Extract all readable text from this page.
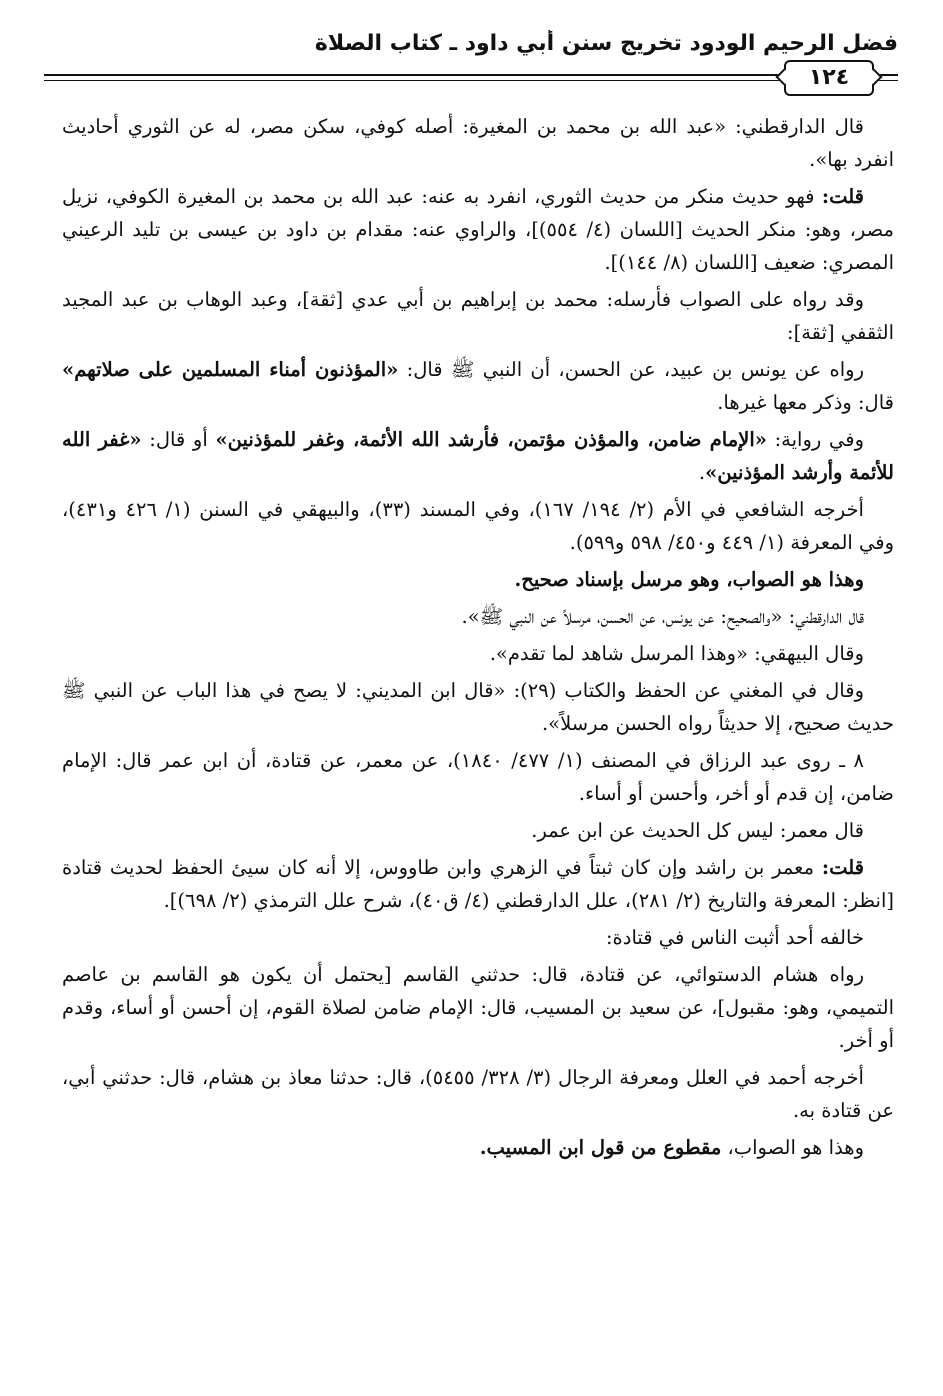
فضل الرحيم الودود تخريج سنن أبي داود ـ كتاب الصلاة
١٢٤

قال الدارقطني: «عبد الله بن محمد بن المغيرة: أصله كوفي، سكن مصر، له عن الثوري أحاديث انفرد بها».

قلت: فهو حديث منكر من حديث الثوري، انفرد به عنه: عبد الله بن محمد بن المغيرة الكوفي، نزيل مصر، وهو: منكر الحديث [اللسان (٤/ ٥٥٤)]، والراوي عنه: مقدام بن داود بن عيسى بن تليد الرعيني المصري: ضعيف [اللسان (٨/ ١٤٤)].

وقد رواه على الصواب فأرسله: محمد بن إبراهيم بن أبي عدي [ثقة]، وعبد الوهاب بن عبد المجيد الثقفي [ثقة]:

رواه عن يونس بن عبيد، عن الحسن، أن النبي ﷺ قال: «المؤذنون أمناء المسلمين على صلاتهم» قال: وذكر معها غيرها.

وفي رواية: «الإمام ضامن، والمؤذن مؤتمن، فأرشد الله الأئمة، وغفر للمؤذنين» أو قال: «غفر الله للأئمة وأرشد المؤذنين».

أخرجه الشافعي في الأم (٢/ ١٩٤/ ١٦٧)، وفي المسند (٣٣)، والبيهقي في السنن (١/ ٤٢٦ و٤٣١)، وفي المعرفة (١/ ٤٤٩ و٤٥٠/ ٥٩٨ و٥٩٩).

وهذا هو الصواب، وهو مرسل بإسناد صحيح.

قال الدارقطني: «والصحيح: عن يونس، عن الحسن، مرسلاً عن النبي ﷺ».

وقال البيهقي: «وهذا المرسل شاهد لما تقدم».

وقال في المغني عن الحفظ والكتاب (٢٩): «قال ابن المديني: لا يصح في هذا الباب عن النبي ﷺ حديث صحيح، إلا حديثاً رواه الحسن مرسلاً».

٨ ـ روى عبد الرزاق في المصنف (١/ ٤٧٧/ ١٨٤٠)، عن معمر، عن قتادة، أن ابن عمر قال: الإمام ضامن، إن قدم أو أخر، وأحسن أو أساء.

قال معمر: ليس كل الحديث عن ابن عمر.

قلت: معمر بن راشد وإن كان ثبتاً في الزهري وابن طاووس، إلا أنه كان سيئ الحفظ لحديث قتادة [انظر: المعرفة والتاريخ (٢/ ٢٨١)، علل الدارقطني (٤/ ق٤٠)، شرح علل الترمذي (٢/ ٦٩٨)].

خالفه أحد أثبت الناس في قتادة:

رواه هشام الدستوائي، عن قتادة، قال: حدثني القاسم [يحتمل أن يكون هو القاسم بن عاصم التميمي، وهو: مقبول]، عن سعيد بن المسيب، قال: الإمام ضامن لصلاة القوم، إن أحسن أو أساء، وقدم أو أخر.

أخرجه أحمد في العلل ومعرفة الرجال (٣/ ٣٢٨/ ٥٤٥٥)، قال: حدثنا معاذ بن هشام، قال: حدثني أبي، عن قتادة به.

وهذا هو الصواب، مقطوع من قول ابن المسيب.
